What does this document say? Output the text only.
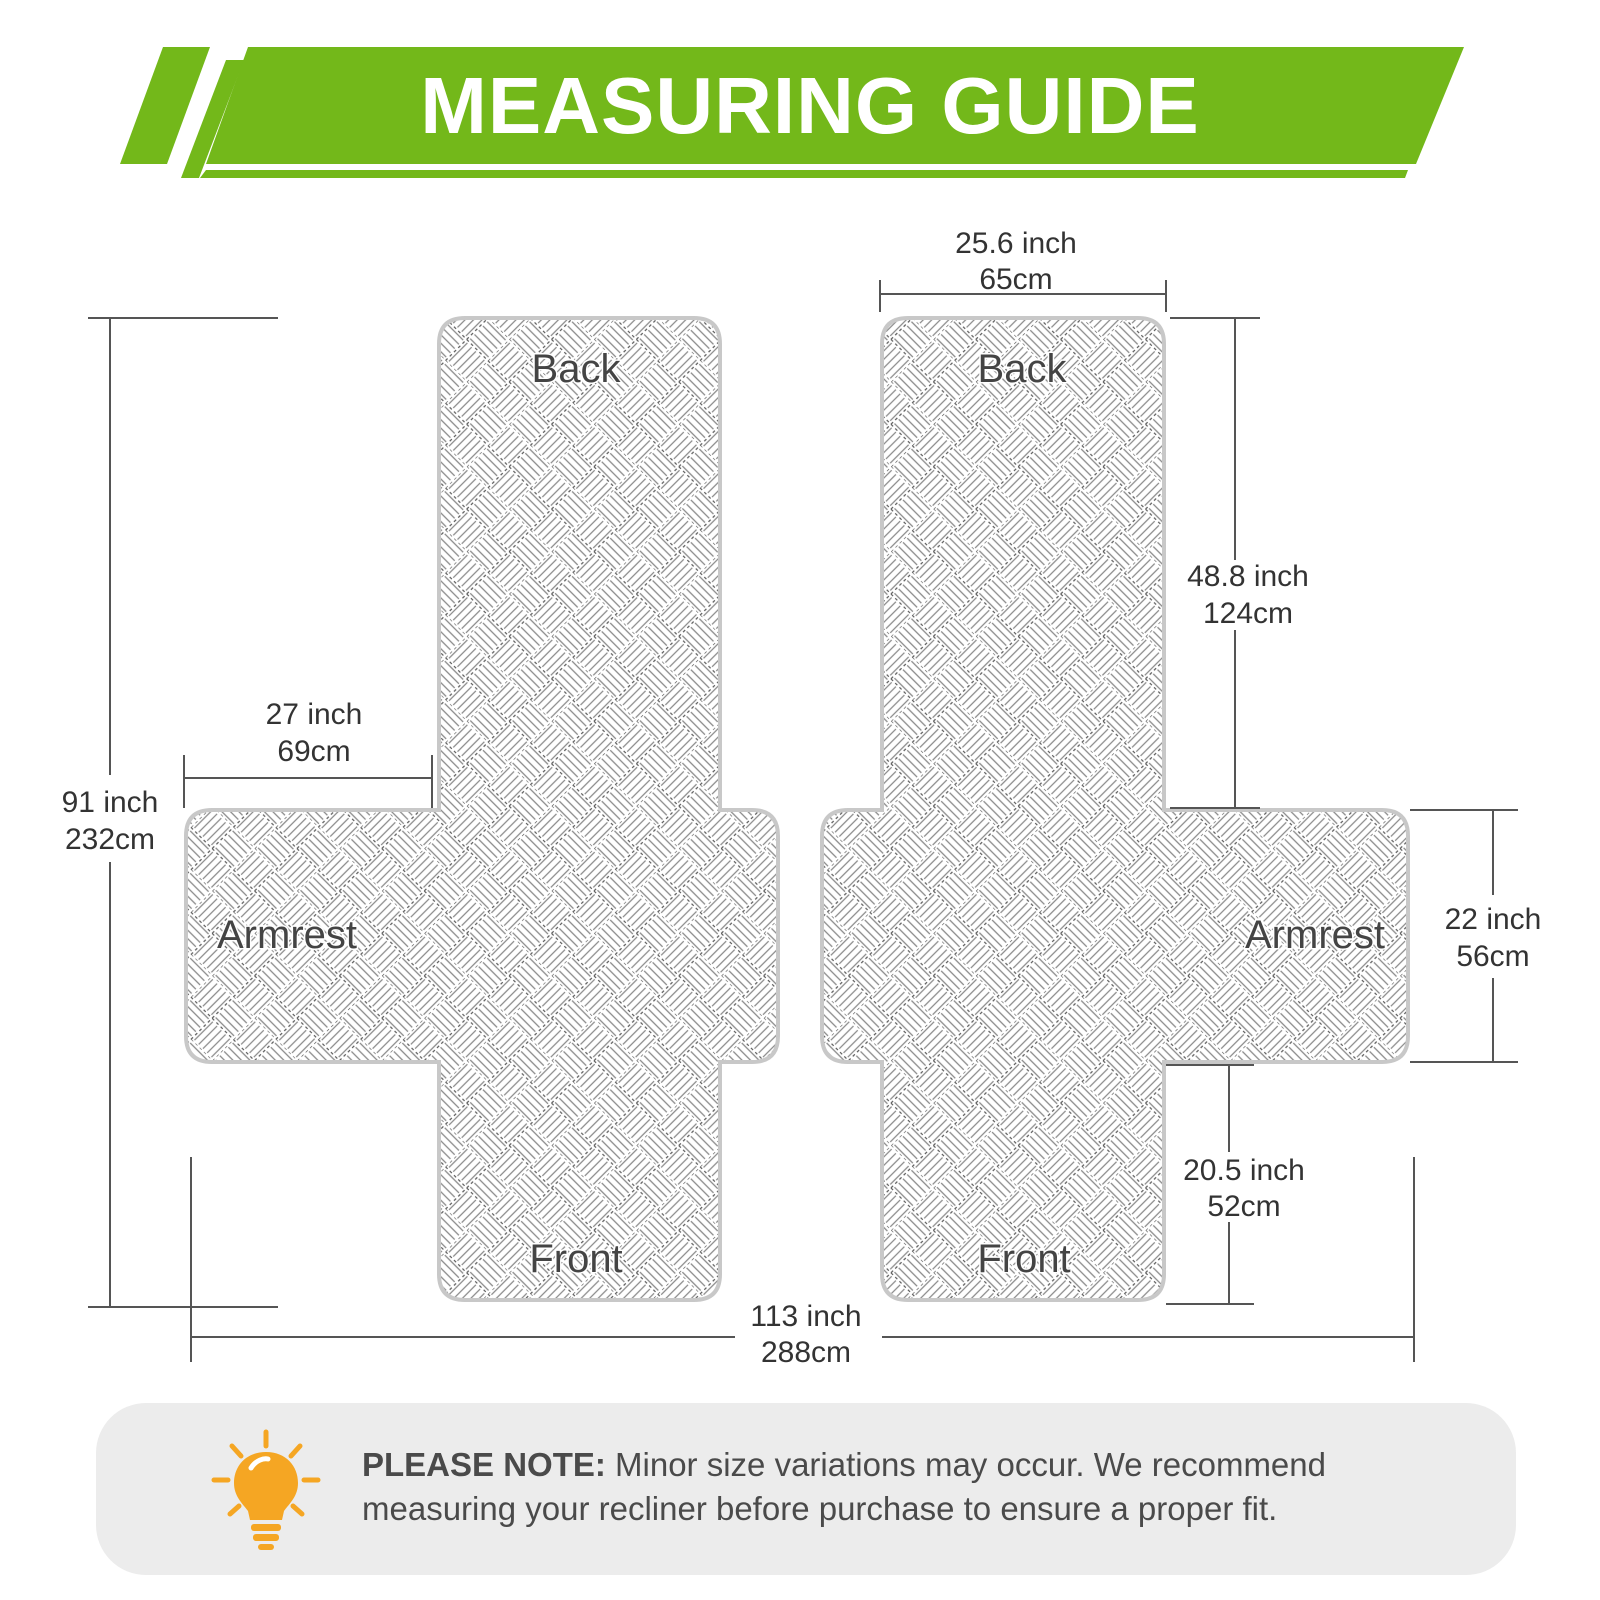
MEASURING GUIDE
Back
Armrest
Front
Back
Armrest
Front
91 inch
232cm
27 inch
69cm
25.6 inch
65cm
48.8 inch
124cm
22 inch
56cm
20.5 inch
52cm
113 inch
288cm
PLEASE NOTE: Minor size variations may occur. We recommend measuring your recliner before purchase to ensure a proper fit.
